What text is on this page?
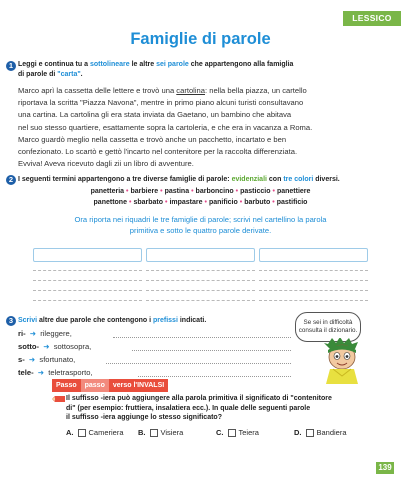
LESSICO
Famiglie di parole
1 Leggi e continua tu a sottolineare le altre sei parole che appartengono alla famiglia
di parole di "carta".
Marco aprì la cassetta delle lettere e trovò una cartolina: nella bella piazza, un cartello
riportava la scritta "Piazza Navona", mentre in primo piano alcuni turisti consultavano
una cartina. La cartolina gli era stata inviata da Gaetano, un bambino che abitava
nel suo stesso quartiere, esattamente sopra la cartoleria, e che era in vacanza a Roma.
Marco guardò meglio nella cassetta e trovò anche un pacchetto, incartato e ben
confezionato. Lo scartò e gettò l'incarto nel contenitore per la raccolta differenziata.
Evviva! Aveva ricevuto dagli zii un libro di avventure.
2 I seguenti termini appartengono a tre diverse famiglie di parole: evidenziali con tre colori diversi.
panetteria • barbiere • pastina • barboncino • pasticcio • panettiere
panettone • sbarbato • impastare • panificio • barbuto • pastificio
Ora riporta nei riquadri le tre famiglie di parole; scrivi nel cartellino la parola
primitiva e sotto le quattro parole derivate.
3 Scrivi altre due parole che contengono i prefissi indicati.
ri- ➜ rileggere,
sotto- ➜ sottosopra,
s- ➜ sfortunato,
tele- ➜ teletrasporto,
Se sei in difficoltà
consulta il dizionario.
Passo	passo	verso l'INVALSI
Il suffisso -iera può aggiungere alla parola primitiva il significato di "contenitore
di" (per esempio: fruttiera, insalatiera ecc.). In quale delle seguenti parole
il suffisso -iera aggiunge lo stesso significato?
A. Cameriera B. Visiera	C. Teiera	D. Bandiera
139
